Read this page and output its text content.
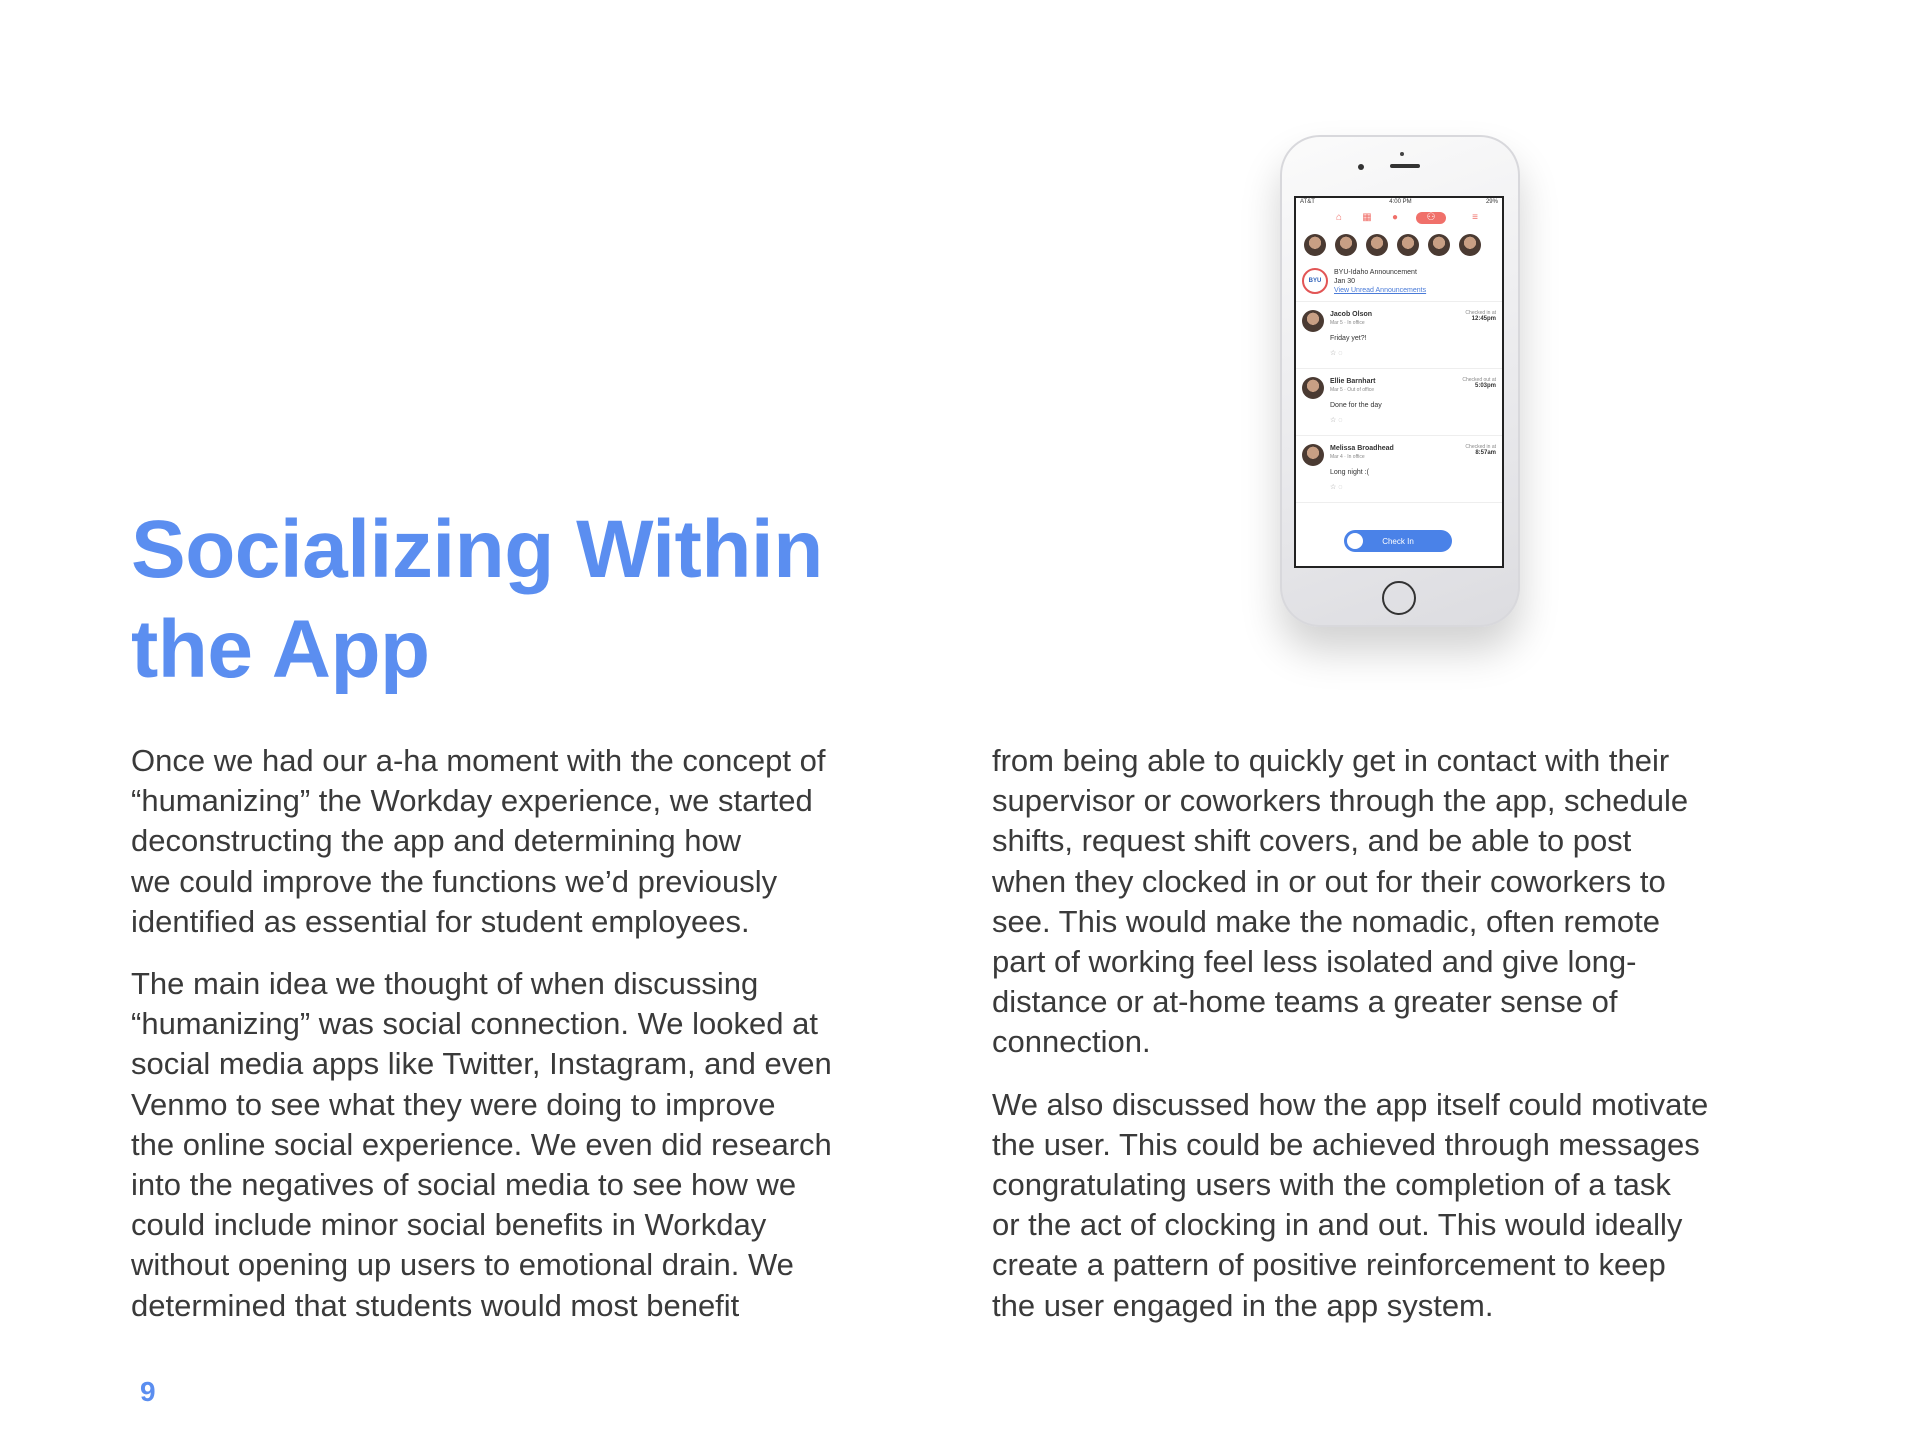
Socializing Within
the App
AT&T	4:00 PM	29%
⌂	▦	●	⚇	≡
BYU
BYU-Idaho Announcement
Jan 30
View Unread Announcements
Jacob Olson
Mar 5 · In office
Friday yet?!
☆ ◌
Checked in at
12:45pm
Ellie Barnhart
Mar 5 · Out of office
Done for the day
☆ ◌
Checked out at
5:03pm
Melissa Broadhead
Mar 4 · In office
Long night :(
☆ ◌
Checked in at
8:57am
Check In

Once we had our a-ha moment with the concept of
“humanizing” the Workday experience, we started
deconstructing the app and determining how
we could improve the functions we’d previously
identified as essential for student employees.

The main idea we thought of when discussing
“humanizing” was social connection. We looked at
social media apps like Twitter, Instagram, and even
Venmo to see what they were doing to improve
the online social experience. We even did research
into the negatives of social media to see how we
could include minor social benefits in Workday
without opening up users to emotional drain. We
determined that students would most benefit

from being able to quickly get in contact with their
supervisor or coworkers through the app, schedule
shifts, request shift covers, and be able to post
when they clocked in or out for their coworkers to
see. This would make the nomadic, often remote
part of working feel less isolated and give long-
distance or at-home teams a greater sense of
connection.

We also discussed how the app itself could motivate
the user. This could be achieved through messages
congratulating users with the completion of a task
or the act of clocking in and out. This would ideally
create a pattern of positive reinforcement to keep
the user engaged in the app system.

9
